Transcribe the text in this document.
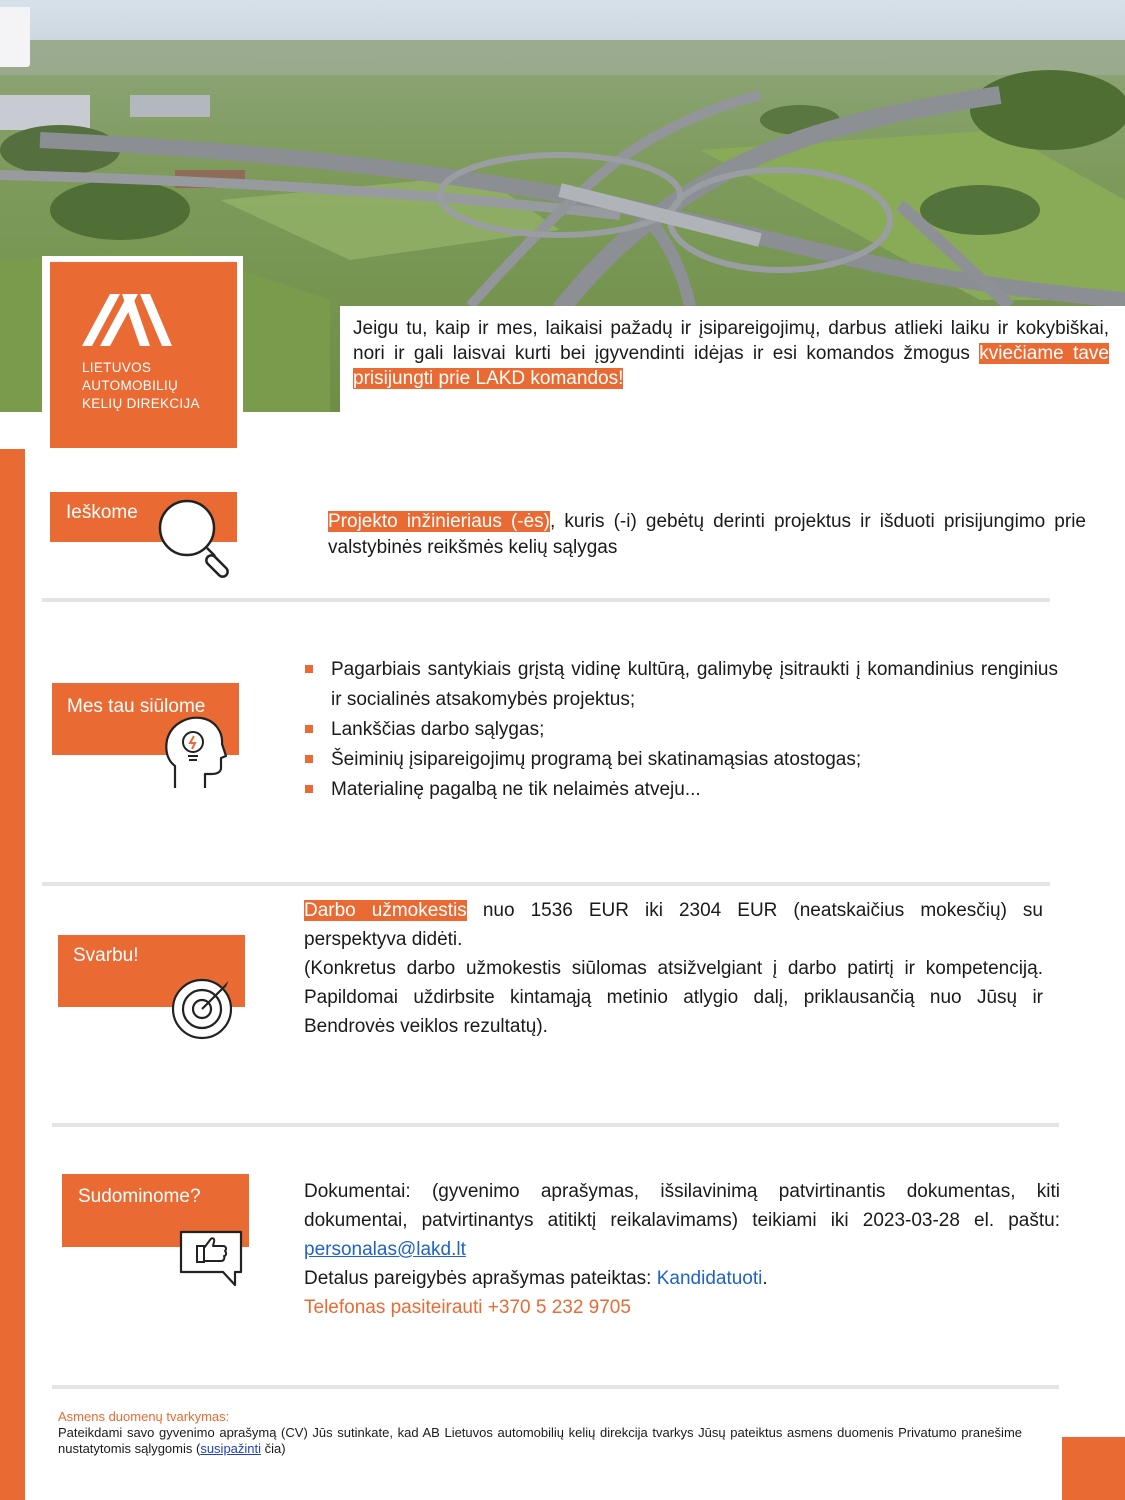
LIETUVOS
AUTOMOBILIŲ
KELIŲ DIREKCIJA
Jeigu tu, kaip ir mes, laikaisi pažadų ir įsipareigojimų, darbus atlieki laiku ir kokybiškai, nori ir gali laisvai kurti bei įgyvendinti idėjas ir esi komandos žmogus kviečiame tave prisijungti prie LAKD komandos!
Ieškome	Projekto inžinieriaus (-ės), kuris (-i) gebėtų derinti projektus ir išduoti prisijungimo prie valstybinės reikšmės kelių sąlygas
Mes tau siūlome
Pagarbiais santykiais grįstą vidinę kultūrą, galimybę įsitraukti į komandinius renginius ir socialinės atsakomybės projektus;
Lankščias darbo sąlygas;
Šeiminių įsipareigojimų programą bei skatinamąsias atostogas;
Materialinę pagalbą ne tik nelaimės atveju...
Svarbu!
Darbo užmokestis nuo 1536 EUR iki 2304 EUR (neatskaičius mokesčių) su perspektyva didėti.
(Konkretus darbo užmokestis siūlomas atsižvelgiant į darbo patirtį ir kompetenciją. Papildomai uždirbsite kintamąją metinio atlygio dalį, priklausančią nuo Jūsų ir Bendrovės veiklos rezultatų).
Sudominome?	Dokumentai: (gyvenimo aprašymas, išsilavinimą patvirtinantis dokumentas, kiti dokumentai, patvirtinantys atitiktį reikalavimams) teikiami iki 2023-03-28 el. paštu: personalas@lakd.lt
Detalus pareigybės aprašymas pateiktas: Kandidatuoti.
Telefonas pasiteirauti +370 5 232 9705
Asmens duomenų tvarkymas:

Pateikdami savo gyvenimo aprašymą (CV) Jūs sutinkate, kad AB Lietuvos automobilių kelių direkcija tvarkys Jūsų pateiktus asmens duomenis Privatumo pranešime nustatytomis sąlygomis (susipažinti čia)
